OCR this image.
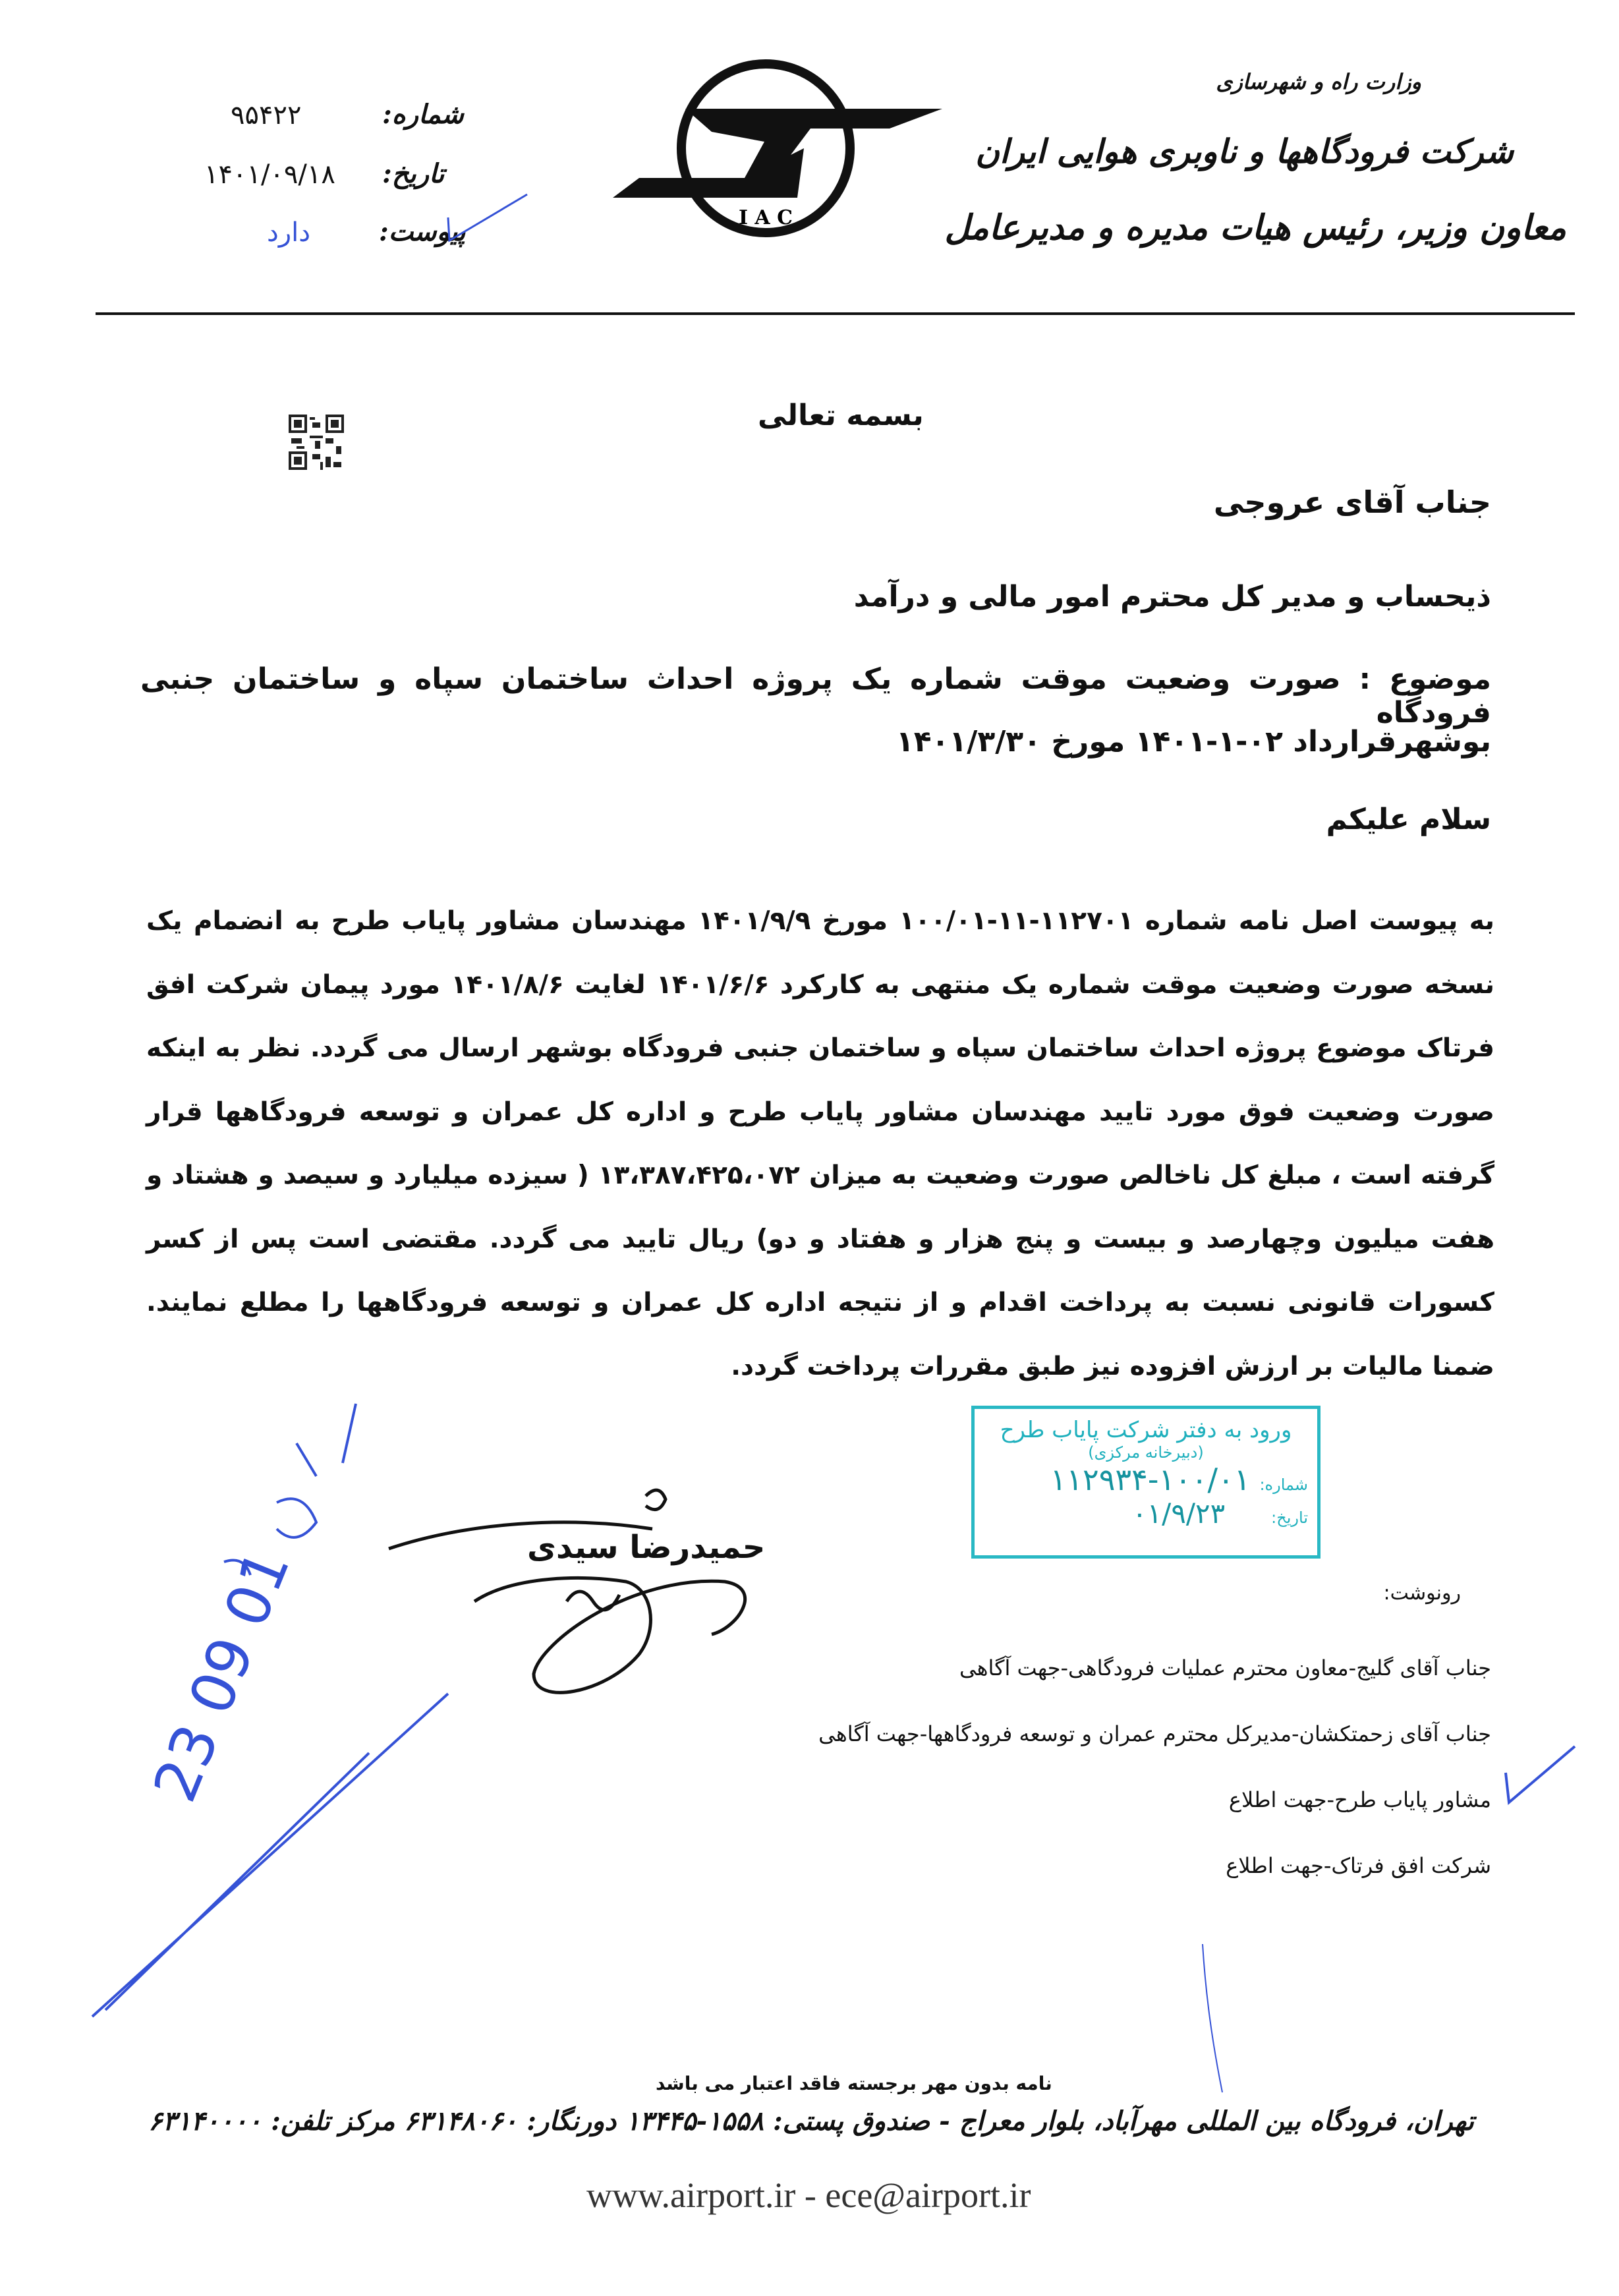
وزارت راه و شهرسازی
شرکت فرودگاهها و ناوبری هوایی ایران
معاون وزیر، رئیس هیات مدیره و مدیرعامل
I A C
شماره:
۹۵۴۲۲
تاریخ:
۱۴۰۱/۰۹/۱۸
پیوست:
دارد
بسمه تعالی
جناب آقای عروجی
ذیحساب و مدیر کل محترم امور مالی و درآمد
موضوع : صورت وضعیت موقت شماره یک پروژه احداث ساختمان سپاه و ساختمان جنبی فرودگاه
بوشهرقرارداد ۰۲-۱-۱۴۰۱ مورخ ۱۴۰۱/۳/۳۰
سلام علیکم
به پیوست اصل نامه شماره ۱۱۲۷۰۱-۱۱-۱۰۰/۰۱ مورخ ۱۴۰۱/۹/۹ مهندسان مشاور پایاب طرح به انضمام یک نسخه صورت وضعیت موقت شماره یک منتهی به کارکرد ۱۴۰۱/۶/۶ لغایت ۱۴۰۱/۸/۶ مورد پیمان شرکت افق فرتاک موضوع پروژه احداث ساختمان سپاه و ساختمان جنبی فرودگاه بوشهر ارسال می گردد. نظر به اینکه صورت وضعیت فوق مورد تایید مهندسان مشاور پایاب طرح و اداره کل عمران و توسعه فرودگاهها قرار گرفته است ، مبلغ کل ناخالص صورت وضعیت به میزان ۱۳،۳۸۷،۴۲۵،۰۷۲ ( سیزده میلیارد و سیصد و هشتاد و هفت میلیون وچهارصد و بیست و پنج هزار و هفتاد و دو) ریال تایید می گردد. مقتضی است پس از کسر کسورات قانونی نسبت به پرداخت اقدام و از نتیجه اداره کل عمران و توسعه فرودگاهها را مطلع نمایند. ضمنا مالیات بر ارزش افزوده نیز طبق مقررات پرداخت گردد.
ورود به دفتر شرکت پایاب طرح
(دبیرخانه مرکزی)
شماره:
۱۱۲۹۳۴-۱۰۰/۰۱
تاریخ:
۰۱/۹/۲۳
حمیدرضا سیدی
23 09 01	رونوشت:
جناب آقای گلیج-معاون محترم عملیات فرودگاهی-جهت آگاهی
جناب آقای زحمتکشان-مدیرکل محترم عمران و توسعه فرودگاهها-جهت آگاهی
مشاور پایاب طرح-جهت اطلاع
شرکت افق فرتاک-جهت اطلاع
نامه بدون مهر برجسته فاقد اعتبار می باشد
تهران، فرودگاه بین المللی مهرآباد، بلوار معراج - صندوق پستی: ۱۵۵۸-۱۳۴۴۵ دورنگار: ۶۳۱۴۸۰۶۰ مرکز تلفن: ۶۳۱۴۰۰۰۰
www.airport.ir - ece@airport.ir
